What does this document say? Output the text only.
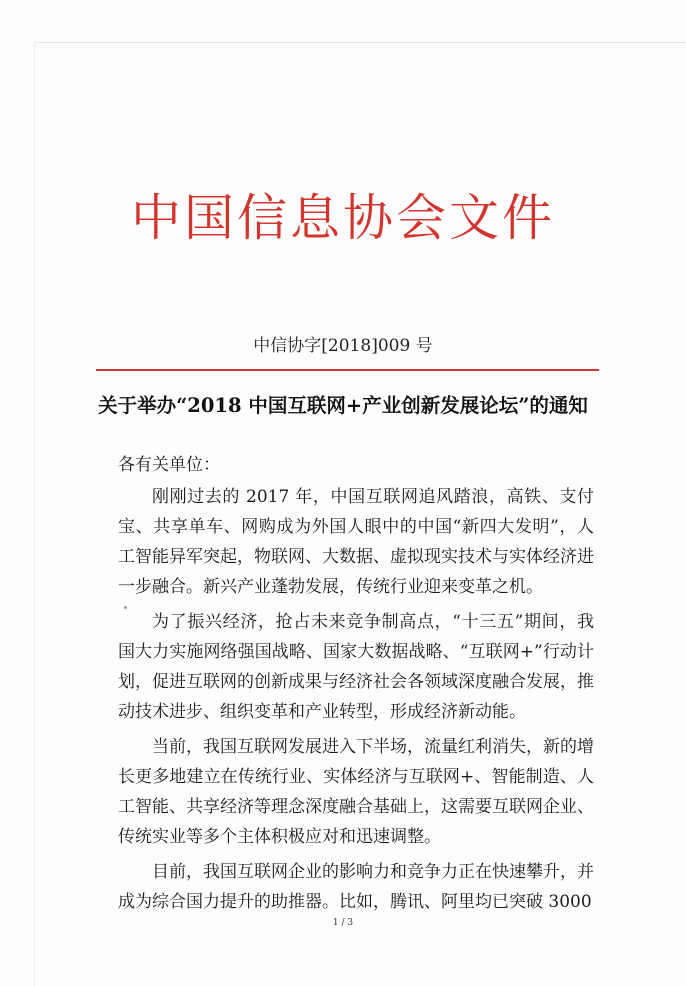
中国信息协会文件
中信协字[2018]009 号
关于举办“2018 中国互联网+产业创新发展论坛”的通知

各有关单位：

刚刚过去的 2017 年，中国互联网追风踏浪，高铁、支付宝、共享单车、网购成为外国人眼中的中国“新四大发明”，人工智能异军突起，物联网、大数据、虚拟现实技术与实体经济进一步融合。新兴产业蓬勃发展，传统行业迎来变革之机。

为了振兴经济，抢占未来竞争制高点，“十三五”期间，我国大力实施网络强国战略、国家大数据战略、“互联网+”行动计划，促进互联网的创新成果与经济社会各领域深度融合发展，推动技术进步、组织变革和产业转型，形成经济新动能。

当前，我国互联网发展进入下半场，流量红利消失，新的增长更多地建立在传统行业、实体经济与互联网+、智能制造、人工智能、共享经济等理念深度融合基础上，这需要互联网企业、传统实业等多个主体积极应对和迅速调整。

目前，我国互联网企业的影响力和竞争力正在快速攀升，并成为综合国力提升的助推器。比如，腾讯、阿里均已突破 3000

1 / 3
